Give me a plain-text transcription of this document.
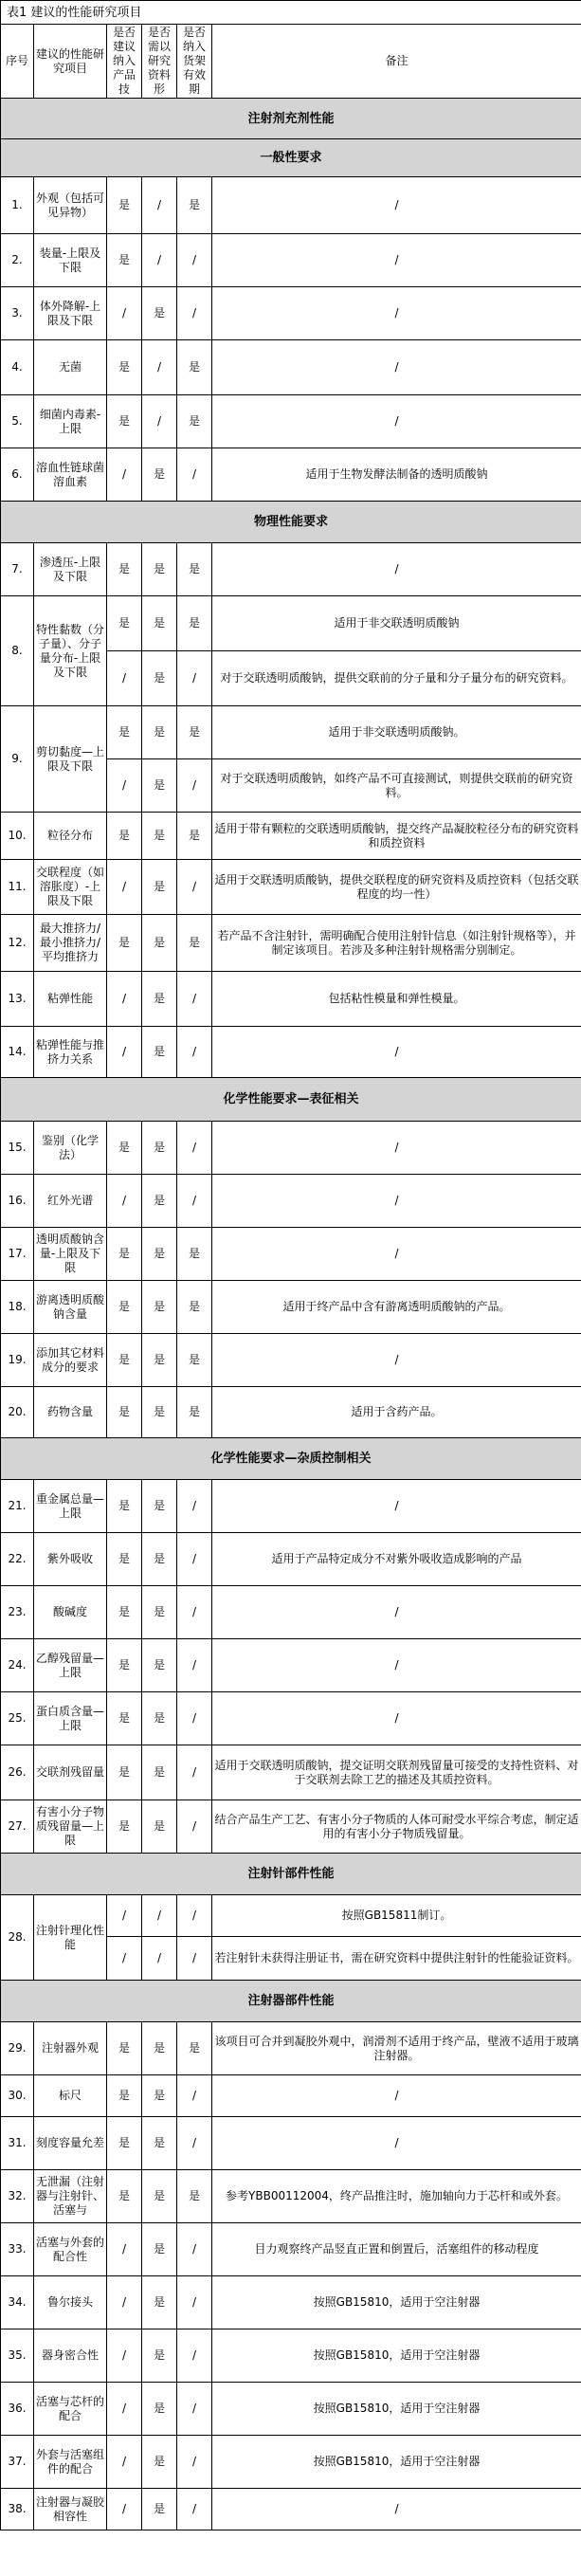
表1 建议的性能研究项目					
序号	建议的性能研究项目	是否建议纳入产品技	是否需以研究资料形	是否纳入货架有效期	备注
注射剂充剂性能					
一般性要求					
1.	外观（包括可见异物）	是	/	是	/
2.	装量-上限及下限	是	/	/	/
3.	体外降解-上限及下限	/	是	/	/
4.	无菌	是	/	是	/
5.	细菌内毒素-上限	是	/	是	/
6.	溶血性链球菌溶血素	/	是	/	适用于生物发酵法制备的透明质酸钠
物理性能要求					
7.	渗透压-上限及下限	是	是	是	/
8.	特性黏数（分子量）、分子量分布-上限及下限	是	是	是	适用于非交联透明质酸钠
		/	是	/	对于交联透明质酸钠，提供交联前的分子量和分子量分布的研究资料。
9.	剪切黏度—上限及下限	是	是	是	适用于非交联透明质酸钠。
		/	是	/	对于交联透明质酸钠，如终产品不可直接测试，则提供交联前的研究资料。
10.	粒径分布	是	是	是	适用于带有颗粒的交联透明质酸钠，提交终产品凝胶粒径分布的研究资料和质控资料
11.	交联程度（如溶胀度）-上限及下限	/	是	/	适用于交联透明质酸钠，提供交联程度的研究资料及质控资料（包括交联程度的均一性）
12.	最大推挤力/最小推挤力/平均推挤力	是	是	是	若产品不含注射针，需明确配合使用注射针信息（如注射针规格等），并制定该项目。若涉及多种注射针规格需分别制定。
13.	粘弹性能	/	是	/	包括粘性模量和弹性模量。
14.	粘弹性能与推挤力关系	/	是	/	/
化学性能要求—表征相关					
15.	鉴别（化学法）	是	是	/	/
16.	红外光谱	/	是	/	/
17.	透明质酸钠含量-上限及下限	是	是	是	/
18.	游离透明质酸钠含量	是	是	是	适用于终产品中含有游离透明质酸钠的产品。
19.	添加其它材料成分的要求	是	是	是	/
20.	药物含量	是	是	是	适用于含药产品。
化学性能要求—杂质控制相关					
21.	重金属总量—上限	是	是	/	/
22.	紫外吸收	是	是	/	适用于产品特定成分不对紫外吸收造成影响的产品
23.	酸碱度	是	是	/	/
24.	乙醇残留量—上限	是	是	/	/
25.	蛋白质含量—上限	是	是	/	/
26.	交联剂残留量	是	是	/	适用于交联透明质酸钠，提交证明交联剂残留量可接受的支持性资料、对于交联剂去除工艺的描述及其质控资料。
27.	有害小分子物质残留量—上限	是	是	/	结合产品生产工艺、有害小分子物质的人体可耐受水平综合考虑，制定适用的有害小分子物质残留量。
注射针部件性能					
28.	注射针理化性能	/	/	/	按照GB15811制订。
		/	/	/	若注射针未获得注册证书，需在研究资料中提供注射针的性能验证资料。
注射器部件性能					
29.	注射器外观	是	是	是	该项目可合并到凝胶外观中，润滑剂不适用于终产品，壁液不适用于玻璃注射器。
30.	标尺	是	是	/	/
31.	刻度容量允差	是	是	/	/
32.	无泄漏（注射器与注射针、活塞与	是	是	是	参考YBB00112004，终产品推注时，施加轴向力于芯杆和或外套。
33.	活塞与外套的配合性	/	是	/	目力观察终产品竖直正置和倒置后，活塞组件的移动程度
34.	鲁尔接头	/	是	/	按照GB15810，适用于空注射器
35.	器身密合性	/	是	/	按照GB15810，适用于空注射器
36.	活塞与芯杆的配合	/	是	/	按照GB15810，适用于空注射器
37.	外套与活塞组件的配合	/	是	/	按照GB15810，适用于空注射器
38.	注射器与凝胶相容性	/	是	/	/
